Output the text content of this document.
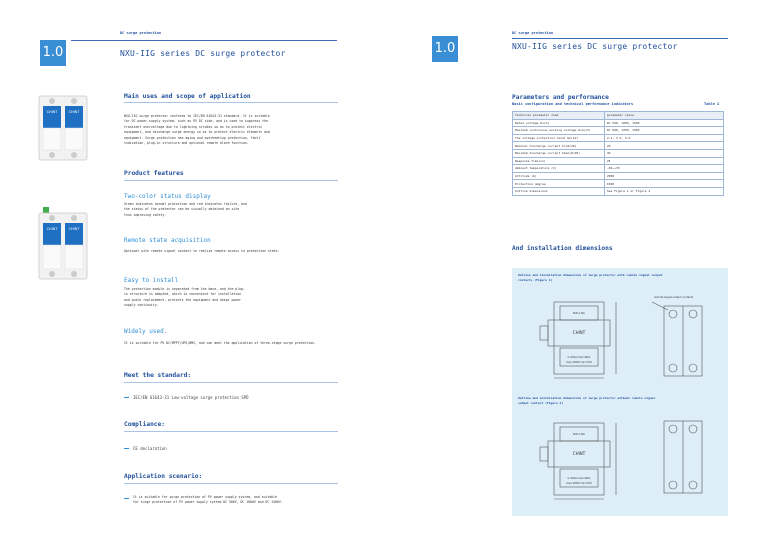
DC surge protection
1.0	NXU-IIG series DC surge protector
CHINT	CHINT
CHINT	CHINT
Main uses and scope of application

NXU-IIG surge protector conforms to IEC/EN 61643-31 standard. It is suitable

for DC power-supply system, such as PV DC side, and is used to suppress the

transient overvoltage due to lightning strokes so as to protect electric

equipment, and discharge surge energy so as to protect electric elements and

equipment. Surge protection has aging and overheating protection, fault

indication, plug-in structure and optional remote alarm function.

Product features
Two-color status display

Green indicates normal protection and red indicates failure, and

the status of the protector can be visually obtained on site

thus improving safety.

Remote state acquisition

Optional with remote signal contact to realize remote access to protection state.

Easy to install

The protection module is separated from the base, and the plug-

in structure is adopted, which is convenient for installation

and quick replacement, protects the equipment and keeps power

supply continuity.

Widely used.

It is suitable for PV DC/MPPT/UPS/BMS, and can meet the application of three-stage surge protection.

Meet the standard:
IEC/EN 61643-31 Low-voltage surge protection SPD
Compliance:
CE declaration
Application scenario:

It is suitable for surge protection of PV power supply system, and suitable

for surge protection of PV power supply system DC 500V, DC 1000V and DC 1500V.

DC surge protection
1.0	NXU-IIG series DC surge protector
Parameters and performance
Basic configuration and technical performance indicators	Table 1
Technical parameter item	parameter value
Rated voltage Un(V)	DC 500, 1000, 1500
Maximum continuous working voltage Ucpv(V)	DC 600, 1200, 1500
The voltage protection level Up(kV)	2.4, 3.5, 5.0
Nominal discharge current In(8/20)	20
Maximum discharge current Imax(8/20)	40
Response time(ns)	25
Ambient temperature (C)	-40~+70
Altitude (m)	2000
Protection degree	IP20
Outline dimensions	See Figure 1 or Figure 2
And installation dimensions

Outline and installation dimensions of surge protector with remote signal output

contacts (Figure 1)

CHINT
NXU-IIG
In:20kA Imax:40kA
Ucpv:1000V Up:3.5kV
remote signal output contacts

Outline and installation dimensions of surge protector without remote signal

output contact (Figure 2)

CHINT
NXU-IIG
In:20kA Imax:40kA
Ucpv:1000V Up:3.5kV
